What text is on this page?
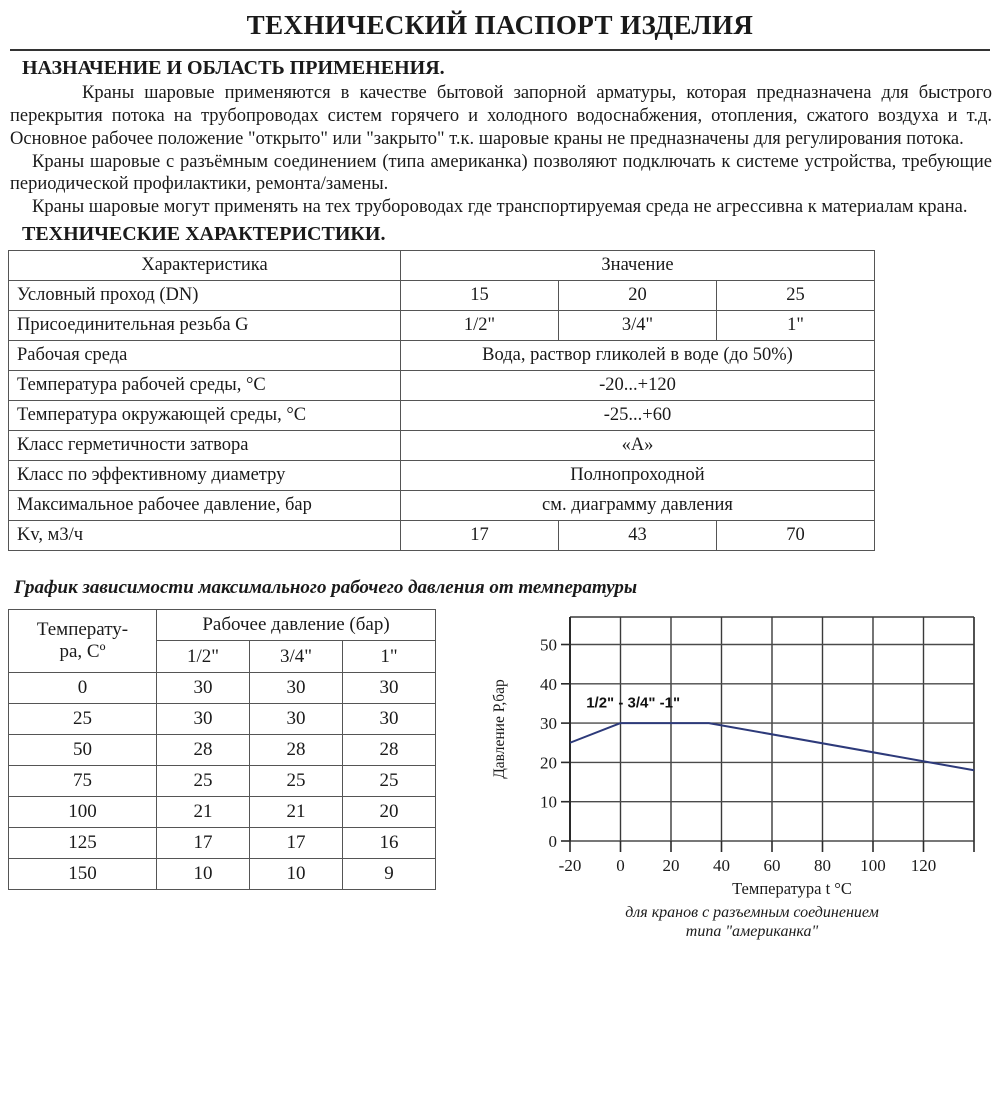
ТЕХНИЧЕСКИЙ ПАСПОРТ ИЗДЕЛИЯ
НАЗНАЧЕНИЕ И ОБЛАСТЬ ПРИМЕНЕНИЯ.

Краны шаровые применяются в качестве бытовой запорной арматуры, которая предназначена для быстрого перекрытия потока на трубопроводах систем горячего и холодного водоснабжения, отопления, сжатого воздуха и т.д. Основное рабочее положение "открыто" или "закрыто" т.к. шаровые краны не предназначены для регулирования потока.

Краны шаровые с разъёмным соединением (типа американка) позволяют подключать к системе устройства, требующие периодической профилактики, ремонта/замены.

Краны шаровые могут применять на тех трубороводах где транспортируемая среда не агрессивна к материалам крана.

ТЕХНИЧЕСКИЕ ХАРАКТЕРИСТИКИ.
Характеристика	Значение		
Условный проход (DN)	15	20	25
Присоединительная резьба G	1/2"	3/4"	1"
Рабочая среда	Вода, раствор гликолей в воде (до 50%)		
Температура рабочей среды, °С	-20...+120		
Температура окружающей среды, °С	-25...+60		
Класс герметичности затвора	«А»		
Класс по эффективному диаметру	Полнопроходной		
Максимальное рабочее давление, бар	см. диаграмму давления		
Kv, м3/ч	17	43	70
График зависимости максимального рабочего давления от температуры
Температу-
ра, Cº	Рабочее давление (бар)		
	1/2"	3/4"	1"
0	30	30	30
25	30	30	30
50	28	28	28
75	25	25	25
100	21	21	20
125	17	17	16
150	10	10	9
0
10
20
30
40
50
-20 0 20 40 60 80 100 120
Давление Р,бар	1/2" - 3/4" -1"
Температура t °С
для кранов с разъемным соединением
типа "американка"
